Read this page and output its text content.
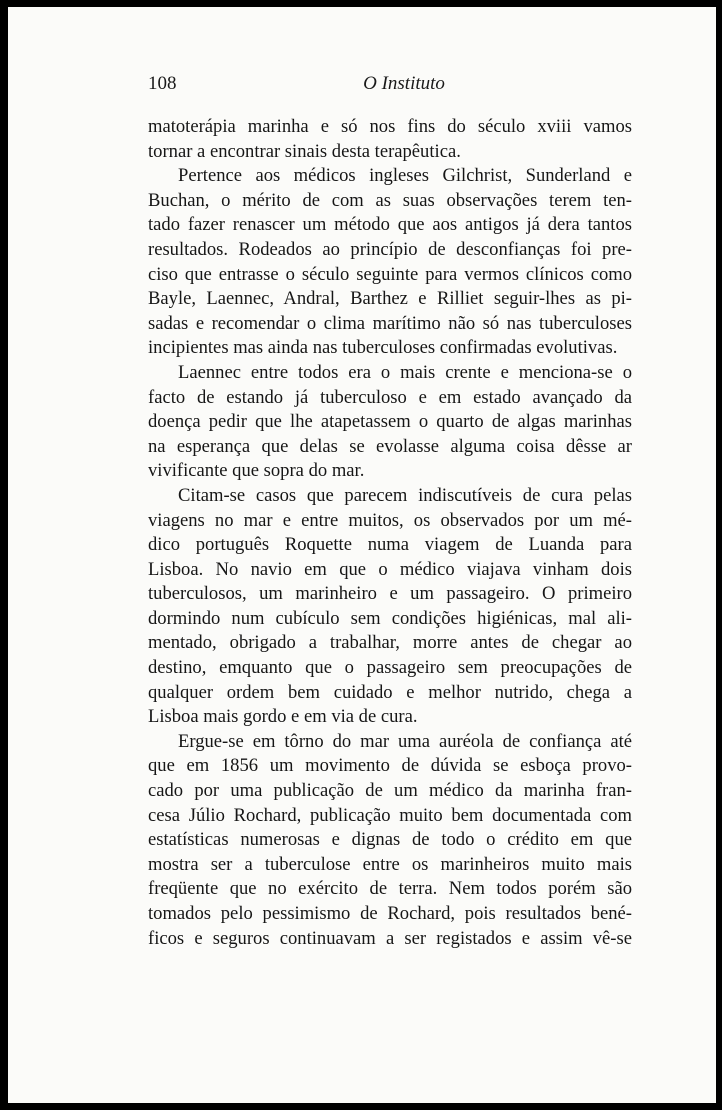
108	O Instituto
matoterápia marinha e só nos fins do século xviii vamos
tornar a encontrar sinais desta terapêutica.
Pertence aos médicos ingleses Gilchrist, Sunderland e
Buchan, o mérito de com as suas observações terem ten-
tado fazer renascer um método que aos antigos já dera tantos
resultados. Rodeados ao princípio de desconfianças foi pre-
ciso que entrasse o século seguinte para vermos clínicos como
Bayle, Laennec, Andral, Barthez e Rilliet seguir-lhes as pi-
sadas e recomendar o clima marítimo não só nas tuberculoses
incipientes mas ainda nas tuberculoses confirmadas evolutivas.
Laennec entre todos era o mais crente e menciona-se o
facto de estando já tuberculoso e em estado avançado da
doença pedir que lhe atapetassem o quarto de algas marinhas
na esperança que delas se evolasse alguma coisa dêsse ar
vivificante que sopra do mar.
Citam-se casos que parecem indiscutíveis de cura pelas
viagens no mar e entre muitos, os observados por um mé-
dico português Roquette numa viagem de Luanda para
Lisboa. No navio em que o médico viajava vinham dois
tuberculosos, um marinheiro e um passageiro. O primeiro
dormindo num cubículo sem condições higiénicas, mal ali-
mentado, obrigado a trabalhar, morre antes de chegar ao
destino, emquanto que o passageiro sem preocupações de
qualquer ordem bem cuidado e melhor nutrido, chega a
Lisboa mais gordo e em via de cura.
Ergue-se em tôrno do mar uma auréola de confiança até
que em 1856 um movimento de dúvida se esboça provo-
cado por uma publicação de um médico da marinha fran-
cesa Júlio Rochard, publicação muito bem documentada com
estatísticas numerosas e dignas de todo o crédito em que
mostra ser a tuberculose entre os marinheiros muito mais
freqüente que no exército de terra. Nem todos porém são
tomados pelo pessimismo de Rochard, pois resultados bené-
ficos e seguros continuavam a ser registados e assim vê-se
